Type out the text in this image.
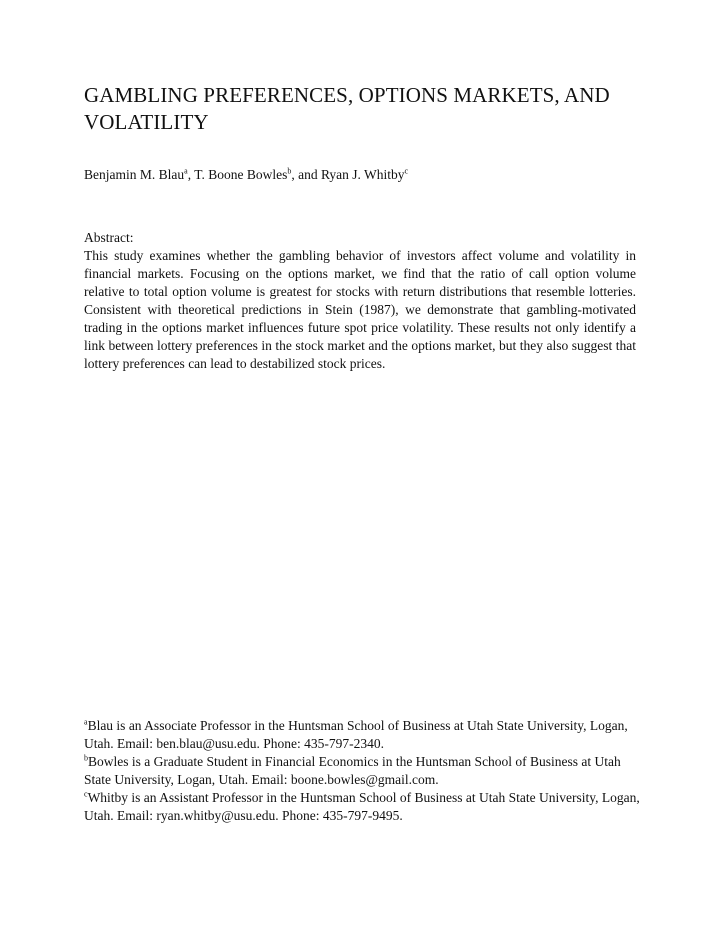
GAMBLING PREFERENCES, OPTIONS MARKETS, AND VOLATILITY
Benjamin M. Blau$^a$, T. Boone Bowles$^b$, and Ryan J. Whitby$^c$
Abstract:
This study examines whether the gambling behavior of investors affect volume and volatility in financial markets. Focusing on the options market, we find that the ratio of call option volume relative to total option volume is greatest for stocks with return distributions that resemble lotteries. Consistent with theoretical predictions in Stein (1987), we demonstrate that gambling-motivated trading in the options market influences future spot price volatility. These results not only identify a link between lottery preferences in the stock market and the options market, but they also suggest that lottery preferences can lead to destabilized stock prices.

$^a$Blau is an Associate Professor in the Huntsman School of Business at Utah State University, Logan, Utah. Email: ben.blau@usu.edu. Phone: 435-797-2340.

$^b$Bowles is a Graduate Student in Financial Economics in the Huntsman School of Business at Utah State University, Logan, Utah. Email: boone.bowles@gmail.com.

$^c$Whitby is an Assistant Professor in the Huntsman School of Business at Utah State University, Logan, Utah. Email: ryan.whitby@usu.edu. Phone: 435-797-9495.
